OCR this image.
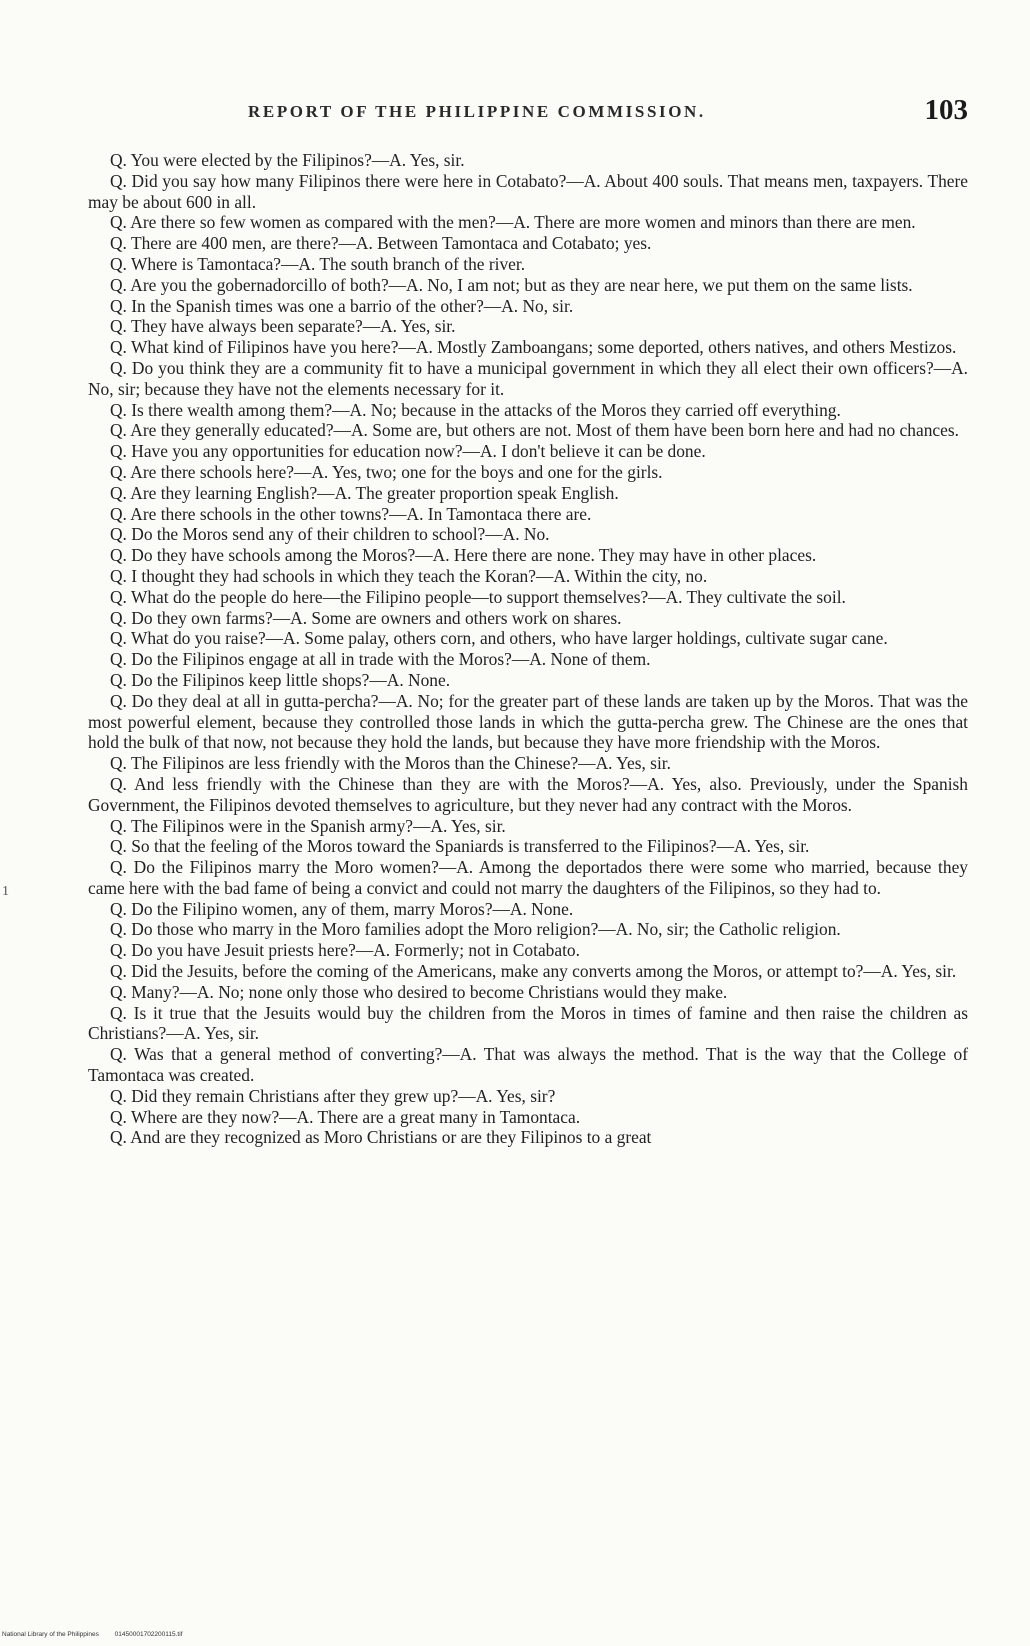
REPORT OF THE PHILIPPINE COMMISSION.	103
1

Q. You were elected by the Filipinos?—A. Yes, sir.

Q. Did you say how many Filipinos there were here in Cotabato?—A. About 400 souls. That means men, taxpayers. There may be about 600 in all.

Q. Are there so few women as compared with the men?—A. There are more women and minors than there are men.

Q. There are 400 men, are there?—A. Between Tamontaca and Cotabato; yes.

Q. Where is Tamontaca?—A. The south branch of the river.

Q. Are you the gobernadorcillo of both?—A. No, I am not; but as they are near here, we put them on the same lists.

Q. In the Spanish times was one a barrio of the other?—A. No, sir.

Q. They have always been separate?—A. Yes, sir.

Q. What kind of Filipinos have you here?—A. Mostly Zamboangans; some deported, others natives, and others Mestizos.

Q. Do you think they are a community fit to have a municipal government in which they all elect their own officers?—A. No, sir; because they have not the elements necessary for it.

Q. Is there wealth among them?—A. No; because in the attacks of the Moros they carried off everything.

Q. Are they generally educated?—A. Some are, but others are not. Most of them have been born here and had no chances.

Q. Have you any opportunities for education now?—A. I don't believe it can be done.

Q. Are there schools here?—A. Yes, two; one for the boys and one for the girls.

Q. Are they learning English?—A. The greater proportion speak English.

Q. Are there schools in the other towns?—A. In Tamontaca there are.

Q. Do the Moros send any of their children to school?—A. No.

Q. Do they have schools among the Moros?—A. Here there are none. They may have in other places.

Q. I thought they had schools in which they teach the Koran?—A. Within the city, no.

Q. What do the people do here—the Filipino people—to support themselves?—A. They cultivate the soil.

Q. Do they own farms?—A. Some are owners and others work on shares.

Q. What do you raise?—A. Some palay, others corn, and others, who have larger holdings, cultivate sugar cane.

Q. Do the Filipinos engage at all in trade with the Moros?—A. None of them.

Q. Do the Filipinos keep little shops?—A. None.

Q. Do they deal at all in gutta-percha?—A. No; for the greater part of these lands are taken up by the Moros. That was the most powerful element, because they controlled those lands in which the gutta-percha grew. The Chinese are the ones that hold the bulk of that now, not because they hold the lands, but because they have more friendship with the Moros.

Q. The Filipinos are less friendly with the Moros than the Chinese?—A. Yes, sir.

Q. And less friendly with the Chinese than they are with the Moros?—A. Yes, also. Previously, under the Spanish Government, the Filipinos devoted themselves to agriculture, but they never had any contract with the Moros.

Q. The Filipinos were in the Spanish army?—A. Yes, sir.

Q. So that the feeling of the Moros toward the Spaniards is transferred to the Filipinos?—A. Yes, sir.

Q. Do the Filipinos marry the Moro women?—A. Among the deportados there were some who married, because they came here with the bad fame of being a convict and could not marry the daughters of the Filipinos, so they had to.

Q. Do the Filipino women, any of them, marry Moros?—A. None.

Q. Do those who marry in the Moro families adopt the Moro religion?—A. No, sir; the Catholic religion.

Q. Do you have Jesuit priests here?—A. Formerly; not in Cotabato.

Q. Did the Jesuits, before the coming of the Americans, make any converts among the Moros, or attempt to?—A. Yes, sir.

Q. Many?—A. No; none only those who desired to become Christians would they make.

Q. Is it true that the Jesuits would buy the children from the Moros in times of famine and then raise the children as Christians?—A. Yes, sir.

Q. Was that a general method of converting?—A. That was always the method. That is the way that the College of Tamontaca was created.

Q. Did they remain Christians after they grew up?—A. Yes, sir?

Q. Where are they now?—A. There are a great many in Tamontaca.

Q. And are they recognized as Moro Christians or are they Filipinos to a great

National Library of the Philippines 01450001702200115.tif
